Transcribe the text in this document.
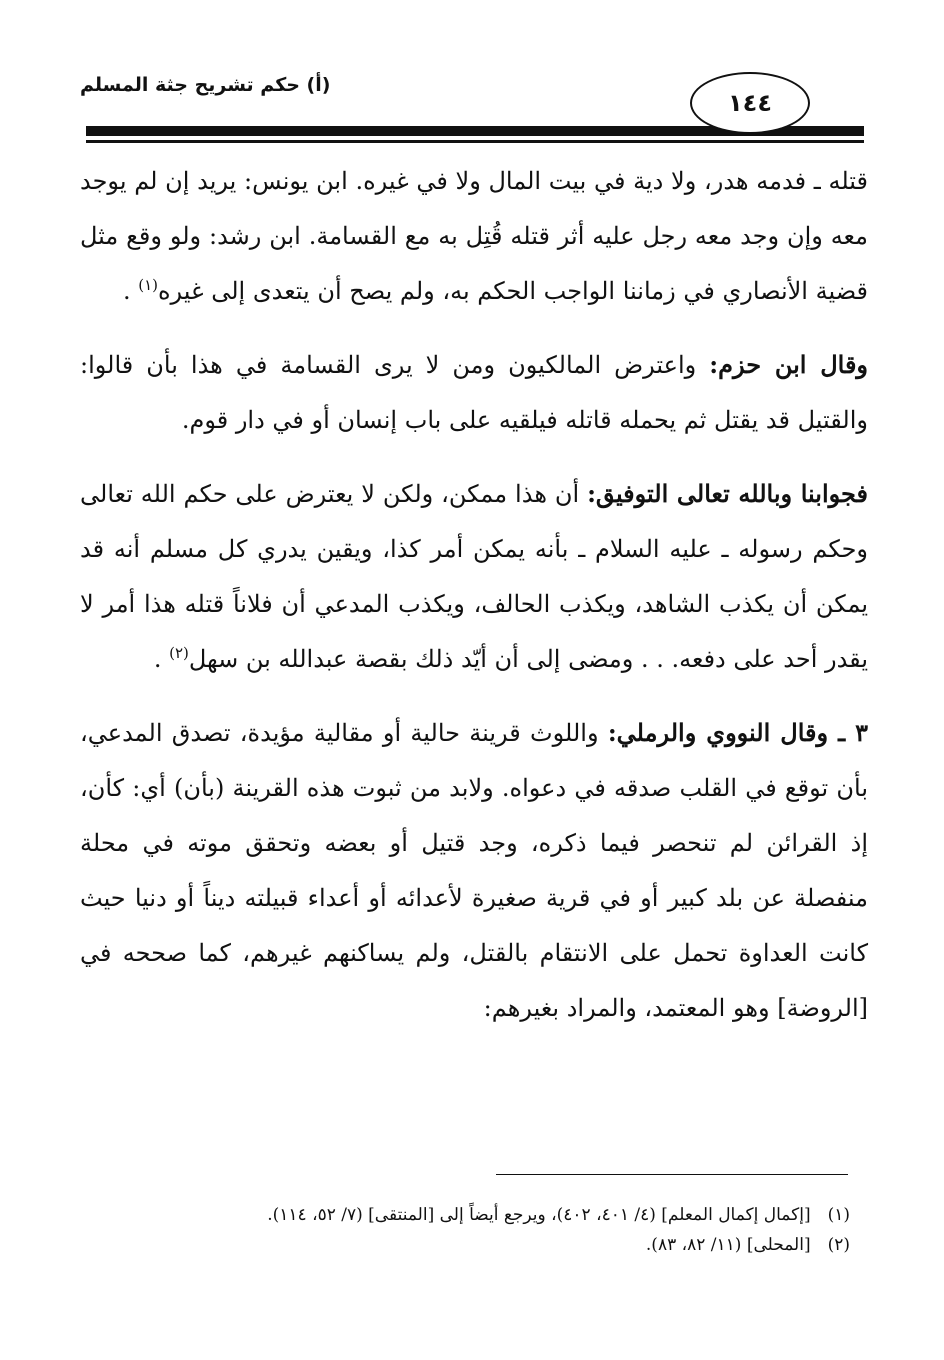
(أ) حكم تشريح جثة المسلم
١٤٤

قتله ـ فدمه هدر، ولا دية في بيت المال ولا في غيره. ابن يونس: يريد إن لم يوجد معه وإن وجد معه رجل عليه أثر قتله قُتِل به مع القسامة. ابن رشد: ولو وقع مثل قضية الأنصاري في زماننا الواجب الحكم به، ولم يصح أن يتعدى إلى غيره$^{(١)}$ .

وقال ابن حزم: واعترض المالكيون ومن لا يرى القسامة في هذا بأن قالوا: والقتيل قد يقتل ثم يحمله قاتله فيلقيه على باب إنسان أو في دار قوم.

فجوابنا وبالله تعالى التوفيق: أن هذا ممكن، ولكن لا يعترض على حكم الله تعالى وحكم رسوله ـ عليه السلام ـ بأنه يمكن أمر كذا، ويقين يدري كل مسلم أنه قد يمكن أن يكذب الشاهد، ويكذب الحالف، ويكذب المدعي أن فلاناً قتله هذا أمر لا يقدر أحد على دفعه. . . ومضى إلى أن أيّد ذلك بقصة عبدالله بن سهل$^{(٢)}$ .

٣ ـ وقال النووي والرملي: واللوث قرينة حالية أو مقالية مؤيدة، تصدق المدعي، بأن توقع في القلب صدقه في دعواه. ولابد من ثبوت هذه القرينة (بأن) أي: كأن، إذ القرائن لم تنحصر فيما ذكره، وجد قتيل أو بعضه وتحقق موته في محلة منفصلة عن بلد كبير أو في قرية صغيرة لأعدائه أو أعداء قبيلته ديناً أو دنيا حيث كانت العداوة تحمل على الانتقام بالقتل، ولم يساكنهم غيرهم، كما صححه في [الروضة] وهو المعتمد، والمراد بغيرهم:

(١) [إكمال إكمال المعلم] (٤/ ٤٠١، ٤٠٢)، ويرجع أيضاً إلى [المنتقى] (٧/ ٥٢، ١١٤).
(٢) [المحلى] (١١/ ٨٢، ٨٣).
